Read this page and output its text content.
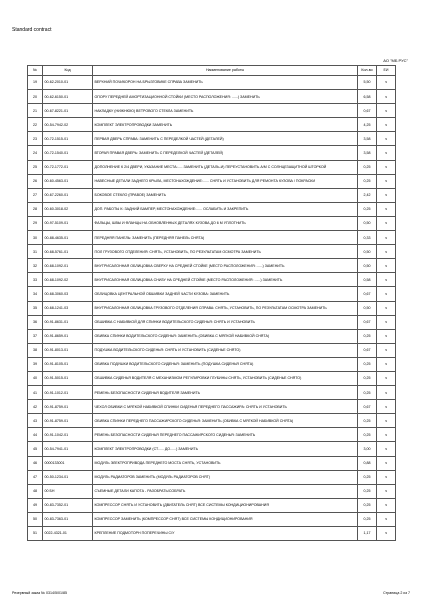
Standard contract
АО "МБ РУС"
№	Код	Наименование работы	Кол-во	ЕИ
19	00-62-2010-01	ВЕРХНИЙ ПОЧИКОРОН НА БРЫЗГОВИКЕ СПРАВА ЗАМЕНИТЬ	5,50	ч
20	00-62-6150-01	ОПОРУ ПЕРЕДНЕЙ АМОРТИЗАЦИОННОЙ СТОЙКИ (МЕСТО РАСПОЛОЖЕНИЯ: ......) ЗАМЕНИТЬ	6,58	ч
21	00-67-8221-01	НАКЛАДКУ (НИЖНЮЮ) ВЕТРОВОГО СТЕКЛА ЗАМЕНИТЬ	0,67	ч
22	00-54-7942-02	КОМПЛЕКТ ЭЛЕКТРОПРОВОДКИ ЗАМЕНИТЬ	4,25	ч
23	00-72-1515-01	ПЕРВАЯ ДВЕРЬ СПРАВА: ЗАМЕНИТЬ С ПЕРЕДЕЛКОЙ ЧАСТЕЙ (ДЕТАЛЕЙ)	3,58	ч
24	00-72-1540-01	ВТОРАЯ ПРАВАЯ ДВЕРЬ: ЗАМЕНИТЬ С ПЕРЕДЕЛКОЙ ЧАСТЕЙ (ДЕТАЛЕЙ)	3,58	ч
25	00-72-1772-01	ДОПОЛНЕНИЕ К 2/4 ДВЕРИ, УКАЗАНИЕ МЕСТА:..... ЗАМЕНИТЬ (ДЕТАЛЬ-И) ПЕРЕУСТАНОВИТЬ А/М С СОЛНЦЕЗАЩИТНОЙ ШТОРКОЙ	0,25	ч
26	00-60-4563-01	НАВЕСНЫЕ ДЕТАЛИ ЗАДНЕГО КРЫЛА, МЕСТОНАХОЖДЕНИЕ:...... СНЯТЬ И УСТАНОВИТЬ ДЛЯ РЕМОНТА КУЗОВА / ПОКРАСКИ	0,25	ч
27	00-67-2260-01	БОКОВОЕ СТЕКЛО (ПРАВОЕ) ЗАМЕНИТЬ	2,42	ч
28	00-60-3018-02	ДОП. РАБОТЫ К: ЗАДНИЙ БАМПЕР, МЕСТОНАХОЖДЕНИЕ:...... ОСЛАБИТЬ И ЗАКРЕПИТЬ	0,25	ч
29	00-97-5109-01	ФАЛЬЦЫ, ШВЫ И ФЛАНЦЫ НА ОБНОВЛЕННЫХ ДЕТАЛЯХ КУЗОВА ДО 6 М УПЛОТНИТЬ	0,50	ч
30	00-88-4635-01	ПЕРЕДНЯЯ ПАНЕЛЬ: ЗАМЕНИТЬ (ПЕРЕДНЯЯ ПАНЕЛЬ СНЯТА)	0,33	ч
31	00-68-5761-01	ПОЛ ГРУЗОВОГО ОТДЕЛЕНИЯ: СНЯТЬ, УСТАНОВИТЬ, ПО РЕЗУЛЬТАТАМ ОСМОТРА ЗАМЕНИТЬ	0,50	ч
32	00-68-1092-01	ВНУТРИСАЛОННАЯ ОБЛИЦОВКА СВЕРХУ НА СРЕДНЕЙ СТОЙКЕ (МЕСТО РАСПОЛОЖЕНИЯ: ......) ЗАМЕНИТЬ	0,50	ч
33	00-68-1092-02	ВНУТРИСАЛОННАЯ ОБЛИЦОВКА СНИЗУ НА СРЕДНЕЙ СТОЙКЕ (МЕСТО РАСПОЛОЖЕНИЯ: ......) ЗАМЕНИТЬ	0,58	ч
34	00-68-3060-03	ОБЛИЦОВКА ЦЕНТРАЛЬНОЙ ОБШИВКИ ЗАДНЕЙ ЧАСТИ КУЗОВА: ЗАМЕНИТЬ	0,67	ч
35	00-68-1241-03	ВНУТРИСАЛОННАЯ ОБЛИЦОВКА ГРУЗОВОГО ОТДЕЛЕНИЯ СПРАВА: СНЯТЬ, УСТАНОВИТЬ, ПО РЕЗУЛЬТАТАМ ОСМОТРА ЗАМЕНИТЬ	0,50	ч
36	00-91-8631-01	ОБШИВКА С НАБИВКОЙ ДЛЯ СПИНКИ ВОДИТЕЛЬСКОГО СИДЕНЬЯ: СНЯТЬ И УСТАНОВИТЬ	0,67	ч
37	00-91-8659-01	ОБИВКА СПИНКИ ВОДИТЕЛЬСКОГО СИДЕНЬЯ: ЗАМЕНИТЬ (ОБИВКА С МЯГКОЙ НАБИВКОЙ СНЯТА)	0,25	ч
38	00-91-8013-01	ПОДУШКА ВОДИТЕЛЬСКОГО СИДЕНЬЯ: СНЯТЬ И УСТАНОВИТЬ (СИДЕНЬЕ СНЯТО)	0,67	ч
39	00-91-8105-01	ОБИВКА ПОДУШКИ ВОДИТЕЛЬСКОГО СИДЕНЬЯ: ЗАМЕНИТЬ (ПОДУШКА СИДЕНЬЯ СНЯТА)	0,25	ч
40	00-91-5015-01	ОБШИВКА СИДЕНЬЯ ВОДИТЕЛЯ С МЕХАНИЗМОМ РЕГУЛИРОВКИ ГЛУБИНЫ СНЯТЬ, УСТАНОВИТЬ (СИДЕНЬЕ СНЯТО)	0,25	ч
41	00-91-1012-01	РЕМЕНЬ БЕЗОПАСНОСТИ СИДЕНЬЯ ВОДИТЕЛЯ ЗАМЕНИТЬ	0,25	ч
42	00-91-8759-01	ЧЕХОЛ ОБИВКИ С МЯГКОЙ НАБИВКОЙ СПИНКИ СИДЕНЬЯ ПЕРЕДНЕГО ПАССАЖИРА: СНЯТЬ И УСТАНОВИТЬ	0,67	ч
43	00-91-8759-01	ОБИВКА СПИНКИ ПЕРЕДНЕГО ПАССАЖИРСКОГО СИДЕНЬЯ: ЗАМЕНИТЬ (ОБИВКА С МЯГКОЙ НАБИВКОЙ СНЯТА)	0,25	ч
44	00-91-1042-01	РЕМЕНЬ БЕЗОПАСНОСТИ СИДЕНЬЯ ПЕРЕДНЕГО ПАССАЖИРСКОГО СИДЕНЬЯ: ЗАМЕНИТЬ	0,25	ч
45	00-54-7941-01	КОМПЛЕКТ ЭЛЕКТРОПРОВОДКИ (СТ...... ДО......) ЗАМЕНИТЬ	3,00	ч
46	0000133001	МОДУЛЬ ЭЛЕКТРОПРИВОДА ПЕРЕДНЕГО МОСТА СНЯТЬ, УСТАНОВИТЬ	0,88	ч
47	00-50-1234-01	МОДУЛЬ РАДИАТОРОВ ЗАМЕНИТЬ (МОДУЛЬ РАДИАТОРОВ СНЯТ)	0,25	ч
48	00 БН	СЪЕМНЫЕ ДЕТАЛИ КАПОТА - РАЗОБРАТЬ/СОБРАТЬ	0,25	ч
49	00-83-7352-01	КОМПРЕССОР СНЯТЬ И УСТАНОВИТЬ (ДВИГАТЕЛЬ СНЯТ) ВСЕ СИСТЕМЫ КОНДИЦИОНИРОВАНИЯ	0,25	ч
50	00-83-7363-01	КОМПРЕССОР ЗАМЕНИТЬ (КОМПРЕССОР СНЯТ) ВСЕ СИСТЕМЫ КОНДИЦИОНИРОВАНИЯ	0,25	ч
51	0022-4321-01	КРЕПЛЕНИЕ ПОДМОТОРН ПОПЕРЕЧИНЫ С/У	1,17	ч
Резервный заказ № 0314/5/01/85	Страница 2 из 7
